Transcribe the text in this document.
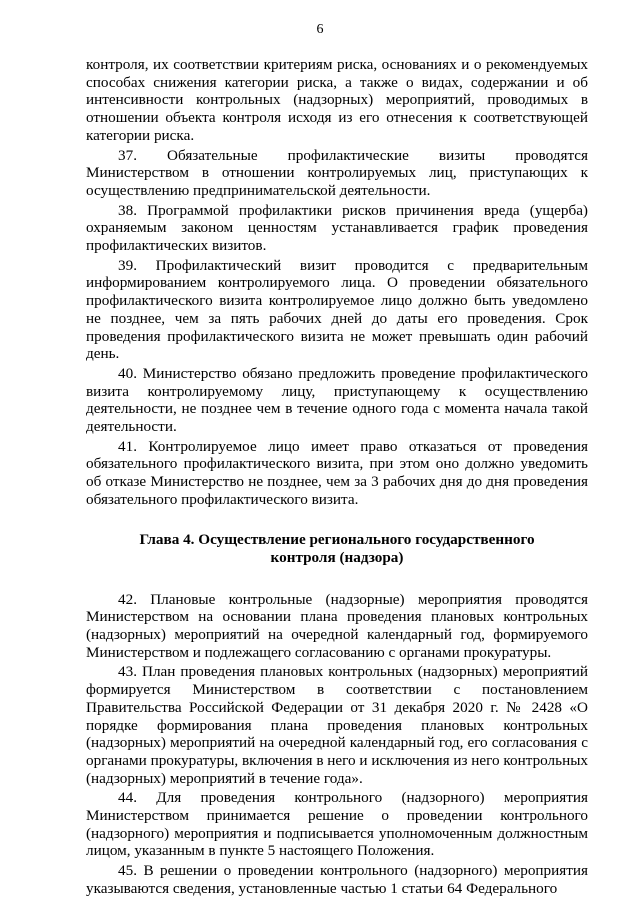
6

контроля, их соответствии критериям риска, основаниях и о рекомендуемых способах снижения категории риска, а также о видах, содержании и об интенсивности контрольных (надзорных) мероприятий, проводимых в отношении объекта контроля исходя из его отнесения к соответствующей категории риска.

37. Обязательные профилактические визиты проводятся Министерством в отношении контролируемых лиц, приступающих к осуществлению предпринимательской деятельности.

38. Программой профилактики рисков причинения вреда (ущерба) охраняемым законом ценностям устанавливается график проведения профилактических визитов.

39. Профилактический визит проводится с предварительным информированием контролируемого лица. О проведении обязательного профилактического визита контролируемое лицо должно быть уведомлено не позднее, чем за пять рабочих дней до даты его проведения. Срок проведения профилактического визита не может превышать один рабочий день.

40. Министерство обязано предложить проведение профилактического визита контролируемому лицу, приступающему к осуществлению деятельности, не позднее чем в течение одного года с момента начала такой деятельности.

41. Контролируемое лицо имеет право отказаться от проведения обязательного профилактического визита, при этом оно должно уведомить об отказе Министерство не позднее, чем за 3 рабочих дня до дня проведения обязательного профилактического визита.

Глава 4. Осуществление регионального государственного контроля (надзора)

42. Плановые контрольные (надзорные) мероприятия проводятся Министерством на основании плана проведения плановых контрольных (надзорных) мероприятий на очередной календарный год, формируемого Министерством и подлежащего согласованию с органами прокуратуры.

43. План проведения плановых контрольных (надзорных) мероприятий формируется Министерством в соответствии с постановлением Правительства Российской Федерации от 31 декабря 2020 г. № 2428 «О порядке формирования плана проведения плановых контрольных (надзорных) мероприятий на очередной календарный год, его согласования с органами прокуратуры, включения в него и исключения из него контрольных (надзорных) мероприятий в течение года».

44. Для проведения контрольного (надзорного) мероприятия Министерством принимается решение о проведении контрольного (надзорного) мероприятия и подписывается уполномоченным должностным лицом, указанным в пункте 5 настоящего Положения.

45. В решении о проведении контрольного (надзорного) мероприятия указываются сведения, установленные частью 1 статьи 64 Федерального
